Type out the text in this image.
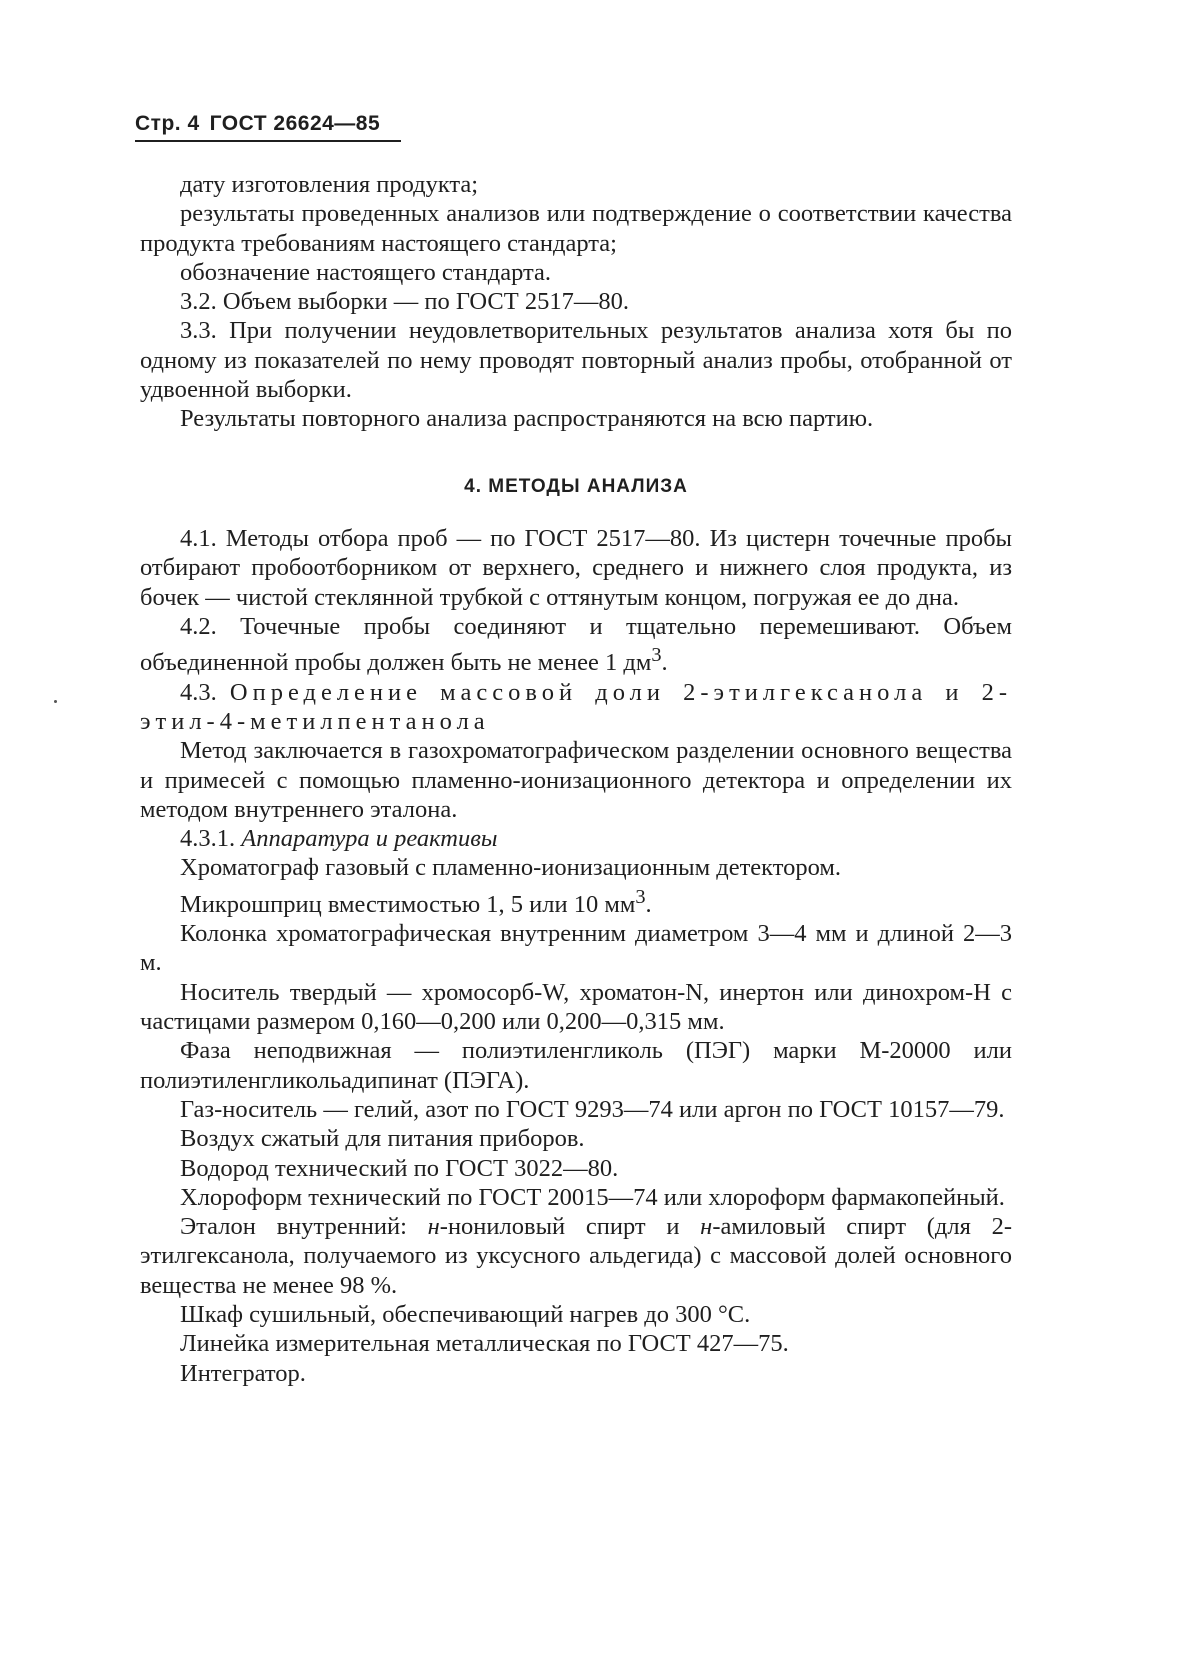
Стр. 4 ГОСТ 26624—85

дату изготовления продукта;

результаты проведенных анализов или подтверждение о соответствии качества продукта требованиям настоящего стандарта;

обозначение настоящего стандарта.

3.2. Объем выборки — по ГОСТ 2517—80.

3.3. При получении неудовлетворительных результатов анализа хотя бы по одному из показателей по нему проводят повторный анализ пробы, отобранной от удвоенной выборки.

Результаты повторного анализа распространяются на всю партию.

4. МЕТОДЫ АНАЛИЗА

4.1. Методы отбора проб — по ГОСТ 2517—80. Из цистерн точечные пробы отбирают пробоотборником от верхнего, среднего и нижнего слоя продукта, из бочек — чистой стеклянной трубкой с оттянутым концом, погружая ее до дна.

4.2. Точечные пробы соединяют и тщательно перемешивают. Объем объединенной пробы должен быть не менее 1 $дм^3$.

4.3. Определение массовой доли 2-этилгексанола и 2-этил-4-метилпентанола

Метод заключается в газохроматографическом разделении основного вещества и примесей с помощью пламенно-ионизационного детектора и определении их методом внутреннего эталона.

4.3.1. Аппаратура и реактивы

Хроматограф газовый с пламенно-ионизационным детектором.

Микрошприц вместимостью 1, 5 или 10 $мм^3$.

Колонка хроматографическая внутренним диаметром 3—4 мм и длиной 2—3 м.

Носитель твердый — хромосорб-W, хроматон-N, инертон или динохром-Н с частицами размером 0,160—0,200 или 0,200—0,315 мм.

Фаза неподвижная — полиэтиленгликоль (ПЭГ) марки М-20000 или полиэтиленгликольадипинат (ПЭГА).

Газ-носитель — гелий, азот по ГОСТ 9293—74 или аргон по ГОСТ 10157—79.

Воздух сжатый для питания приборов.

Водород технический по ГОСТ 3022—80.

Хлороформ технический по ГОСТ 20015—74 или хлороформ фармакопейный.

Эталон внутренний: н-нониловый спирт и н-амиловый спирт (для 2-этилгексанола, получаемого из уксусного альдегида) с массовой долей основного вещества не менее 98 %.

Шкаф сушильный, обеспечивающий нагрев до 300 °С.

Линейка измерительная металлическая по ГОСТ 427—75.

Интегратор.
